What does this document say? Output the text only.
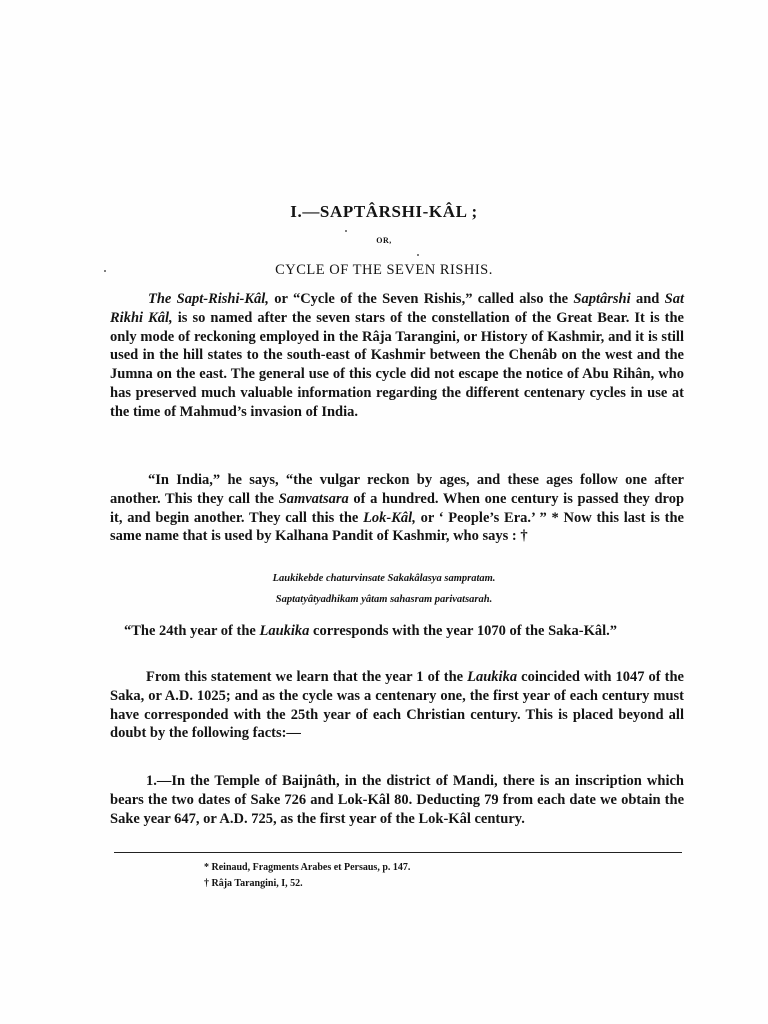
I.—SAPTÂRSHI-KÂL ;
OR,
CYCLE OF THE SEVEN RISHIS.
The Sapt-Rishi-Kâl, or “Cycle of the Seven Rishis,” called also the Saptârshi and Sat Rikhi Kâl, is so named after the seven stars of the constellation of the Great Bear. It is the only mode of reckoning employed in the Râja Tarangini, or History of Kashmir, and it is still used in the hill states to the south-east of Kashmir between the Chenâb on the west and the Jumna on the east. The general use of this cycle did not escape the notice of Abu Rihân, who has preserved much valuable information regarding the different centenary cycles in use at the time of Mahmud’s invasion of India.
“In India,” he says, “the vulgar reckon by ages, and these ages follow one after another. This they call the Samvatsara of a hundred. When one century is passed they drop it, and begin another. They call this the Lok-Kâl, or ‘ People’s Era.’ ” * Now this last is the same name that is used by Kalhana Pandit of Kashmir, who says : †
Laukikebde chaturvinsate Sakakâlasya sampratam.
Saptatyâtyadhikam yâtam sahasram parivatsarah.
“The 24th year of the Laukika corresponds with the year 1070 of the Saka-Kâl.”
From this statement we learn that the year 1 of the Laukika coincided with 1047 of the Saka, or A.D. 1025; and as the cycle was a centenary one, the first year of each century must have corresponded with the 25th year of each Christian century. This is placed beyond all doubt by the following facts:—
1.—In the Temple of Baijnâth, in the district of Mandi, there is an inscription which bears the two dates of Sake 726 and Lok-Kâl 80. Deducting 79 from each date we obtain the Sake year 647, or A.D. 725, as the first year of the Lok-Kâl century.
* Reinaud, Fragments Arabes et Persaus, p. 147.
† Râja Tarangini, I, 52.
